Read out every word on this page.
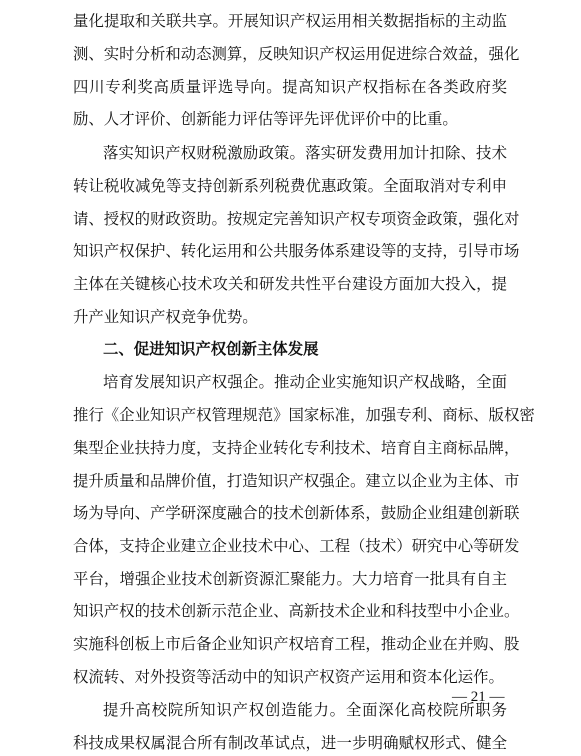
量化提取和关联共享。开展知识产权运用相关数据指标的主动监
测、实时分析和动态测算，反映知识产权运用促进综合效益，强化
四川专利奖高质量评选导向。提高知识产权指标在各类政府奖
励、人才评价、创新能力评估等评先评优评价中的比重。
落实知识产权财税激励政策。落实研发费用加计扣除、技术
转让税收减免等支持创新系列税费优惠政策。全面取消对专利申
请、授权的财政资助。按规定完善知识产权专项资金政策，强化对
知识产权保护、转化运用和公共服务体系建设等的支持，引导市场
主体在关键核心技术攻关和研发共性平台建设方面加大投入，提
升产业知识产权竞争优势。
二、促进知识产权创新主体发展
培育发展知识产权强企。推动企业实施知识产权战略，全面
推行《企业知识产权管理规范》国家标准，加强专利、商标、版权密
集型企业扶持力度，支持企业转化专利技术、培育自主商标品牌，
提升质量和品牌价值，打造知识产权强企。建立以企业为主体、市
场为导向、产学研深度融合的技术创新体系，鼓励企业组建创新联
合体，支持企业建立企业技术中心、工程（技术）研究中心等研发
平台，增强企业技术创新资源汇聚能力。大力培育一批具有自主
知识产权的技术创新示范企业、高新技术企业和科技型中小企业。
实施科创板上市后备企业知识产权培育工程，推动企业在并购、股
权流转、对外投资等活动中的知识产权资产运用和资本化运作。
提升高校院所知识产权创造能力。全面深化高校院所职务
科技成果权属混合所有制改革试点，进一步明确赋权形式、健全
— 21 —
